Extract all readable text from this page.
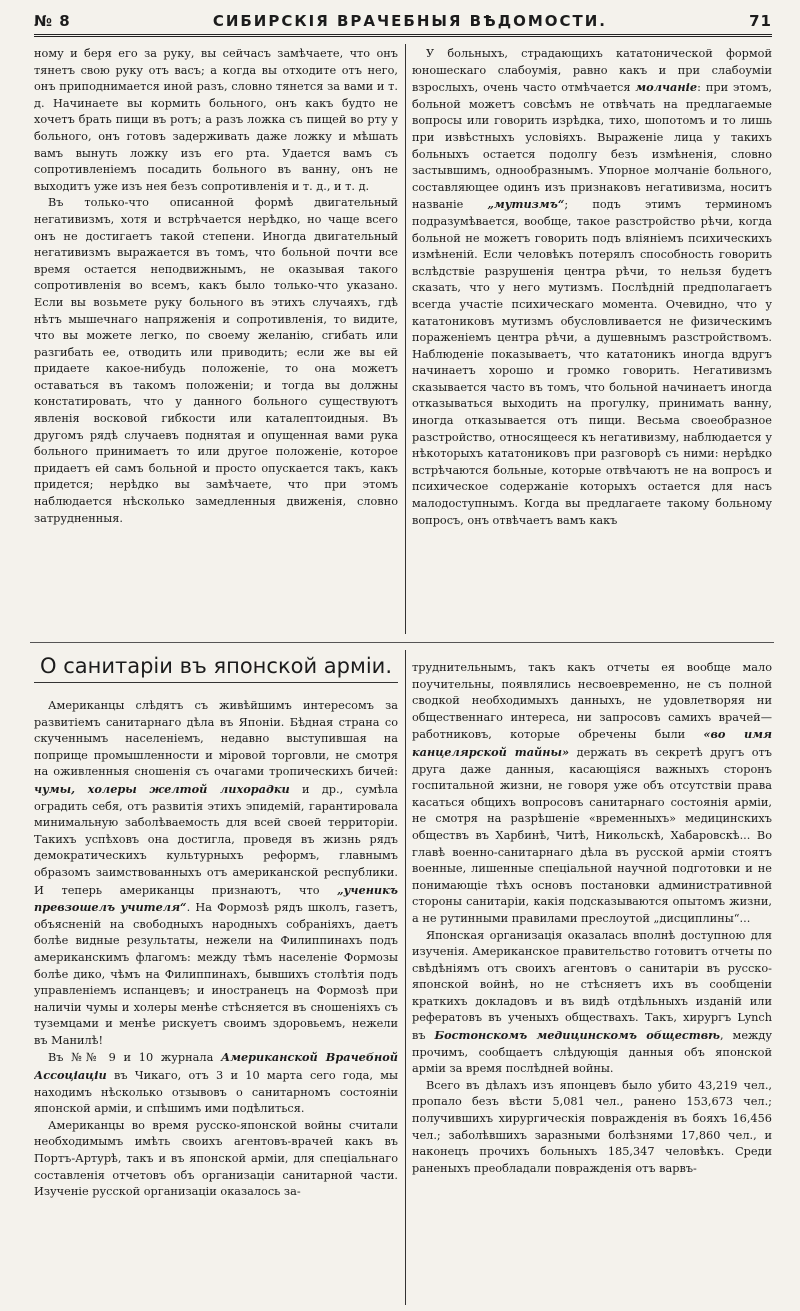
№ 8	СИБИРСКІЯ ВРАЧЕБНЫЯ ВѢДОМОСТИ.	71

ному и беря его за руку, вы сейчасъ замѣчаете, что онъ тянетъ свою руку отъ васъ; а когда вы отходите отъ него, онъ приподнимается иной разъ, словно тянется за вами и т. д. Начинаете вы кормить больного, онъ какъ будто не хочетъ брать пищи въ ротъ; а разъ ложка съ пищей во рту у больного, онъ готовъ задерживать даже ложку и мѣшать вамъ вынуть ложку изъ его рта. Удается вамъ съ сопротивленіемъ посадить больного въ ванну, онъ не выходитъ уже изъ нея безъ сопротивленія и т. д., и т. д.

Въ только-что описанной формѣ двигательный негативизмъ, хотя и встрѣчается нерѣдко, но чаще всего онъ не достигаетъ такой степени. Иногда двигательный негативизмъ выражается въ томъ, что больной почти все время остается неподвижнымъ, не оказывая такого сопротивленія во всемъ, какъ было только-что указано. Если вы возьмете руку больного въ этихъ случаяхъ, гдѣ нѣтъ мышечнаго напряженія и сопротивленія, то видите, что вы можете легко, по своему желанію, сгибать или разгибать ее, отводить или приводить; если же вы ей придаете какое-нибудь положеніе, то она можетъ оставаться въ такомъ положеніи; и тогда вы должны констатировать, что у данного больного существуютъ явленія восковой гибкости или каталептоидныя. Въ другомъ рядѣ случаевъ поднятая и опущенная вами рука больного принимаетъ то или другое положеніе, которое придаетъ ей самъ больной и просто опускается такъ, какъ придется; нерѣдко вы замѣчаете, что при этомъ наблюдается нѣсколько замедленныя движенія, словно затрудненныя.

У больныхъ, страдающихъ кататонической формой юношескаго слабоумія, равно какъ и при слабоуміи взрослыхъ, очень часто отмѣчается молчаніе: при этомъ, больной можетъ совсѣмъ не отвѣчать на предлагаемые вопросы или говорить изрѣдка, тихо, шопотомъ и то лишь при извѣстныхъ условіяхъ. Выраженіе лица у такихъ больныхъ остается подолгу безъ измѣненія, словно застывшимъ, однообразнымъ. Упорное молчаніе больного, составляющее одинъ изъ признаковъ негативизма, носитъ названіе „мутизмъ“; подъ этимъ терминомъ подразумѣвается, вообще, такое разстройство рѣчи, когда больной не можетъ говорить подъ вліяніемъ психическихъ измѣненій. Если человѣкъ потерялъ способность говорить вслѣдствіе разрушенія центра рѣчи, то нельзя будетъ сказать, что у него мутизмъ. Послѣдній предполагаетъ всегда участіе психическаго момента. Очевидно, что у кататониковъ мутизмъ обусловливается не физическимъ пораженіемъ центра рѣчи, а душевнымъ разстройствомъ. Наблюденіе показываетъ, что кататоникъ иногда вдругъ начинаетъ хорошо и громко говорить. Негативизмъ сказывается часто въ томъ, что больной начинаетъ иногда отказываться выходить на прогулку, принимать ванну, иногда отказывается отъ пищи. Весьма своеобразное разстройство, относящееся къ негативизму, наблюдается у нѣкоторыхъ кататониковъ при разговорѣ съ ними: нерѣдко встрѣчаются больные, которые отвѣчаютъ не на вопросъ и психическое содержаніе которыхъ остается для насъ малодоступнымъ. Когда вы предлагаете такому больному вопросъ, онъ отвѣчаетъ вамъ какъ

О санитаріи въ японской арміи.

Американцы слѣдятъ съ живѣйшимъ интересомъ за развитіемъ санитарнаго дѣла въ Японіи. Бѣдная страна со скученнымъ населеніемъ, недавно выступившая на поприще промышленности и мiровой торговли, не смотря на оживленныя сношенія съ очагами тропическихъ бичей: чумы, холеры желтой лихорадки и др., сумѣла оградить себя, отъ развитія этихъ эпидемій, гарантировала минимальную заболѣваемость для всей своей территоріи. Такихъ успѣховъ она достигла, проведя въ жизнь рядъ демократическихъ культурныхъ реформъ, главнымъ образомъ заимствованныхъ отъ американской республики. И теперь американцы признаютъ, что „ученикъ превзошелъ учителя“. На Формозѣ рядъ школъ, газетъ, объясненій на свободныхъ народныхъ собраніяхъ, даетъ болѣе видные результаты, нежели на Филиппинахъ подъ американскимъ флагомъ: между тѣмъ населеніе Формозы болѣе дико, чѣмъ на Филиппинахъ, бывшихъ столѣтія подъ управленіемъ испанцевъ; и иностранецъ на Формозѣ при наличіи чумы и холеры менѣе стѣсняется въ сношеніяхъ съ туземцами и менѣе рискуетъ своимъ здоровьемъ, нежели въ Манилѣ!

Въ №№ 9 и 10 журнала Американской Врачебной Ассоціаціи въ Чикаго, отъ 3 и 10 марта сего года, мы находимъ нѣсколько отзывовъ о санитарномъ состояніи японской арміи, и спѣшимъ ими подѣлиться.

Американцы во время русско-японской войны считали необходимымъ имѣть своихъ агентовъ-врачей какъ въ Портъ-Артурѣ, такъ и въ японской арміи, для спеціальнаго составленія отчетовъ объ организаціи санитарной части. Изученіе русской организаціи оказалось за-

труднительнымъ, такъ какъ отчеты ея вообще мало поучительны, появлялись несвоевременно, не съ полной сводкой необходимыхъ данныхъ, не удовлетворяя ни общественнаго интереса, ни запросовъ самихъ врачей—работниковъ, которые обречены были «во имя канцелярской тайны» держать въ секретѣ другъ отъ друга даже данныя, касающіяся важныхъ сторонъ госпитальной жизни, не говоря уже объ отсутствіи права касаться общихъ вопросовъ санитарнаго состоянія арміи, не смотря на разрѣшеніе «временныхъ» медицинскихъ обществъ въ Харбинѣ, Читѣ, Никольскѣ, Хабаровскѣ... Во главѣ военно-санитарнаго дѣла въ русской арміи стоятъ военные, лишенные спеціальной научной подготовки и не понимающіе тѣхъ основъ постановки административной стороны санитаріи, какія подсказываются опытомъ жизни, а не рутинными правилами преслоутой „дисциплины“...

Японская организація оказалась вполнѣ доступною для изученія. Американское правительство готовитъ отчеты по свѣдѣніямъ отъ своихъ агентовъ о санитаріи въ русско-японской войнѣ, но не стѣсняетъ ихъ въ сообщеніи краткихъ докладовъ и въ видѣ отдѣльныхъ изданій или рефератовъ въ ученыхъ обществахъ. Такъ, хирургъ Lynch въ Бостонскомъ медицинскомъ обществѣ, между прочимъ, сообщаетъ слѣдующія данныя объ японской арміи за время послѣдней войны.

Всего въ дѣлахъ изъ японцевъ было убито 43,219 чел., пропало безъ вѣсти 5,081 чел., ранено 153,673 чел.; получившихъ хирургическія повражденія въ бояхъ 16,456 чел.; заболѣвшихъ заразными болѣзнями 17,860 чел., и наконецъ прочихъ больныхъ 185,347 человѣкъ. Среди раненыхъ преобладали повражденія отъ варвъ-
